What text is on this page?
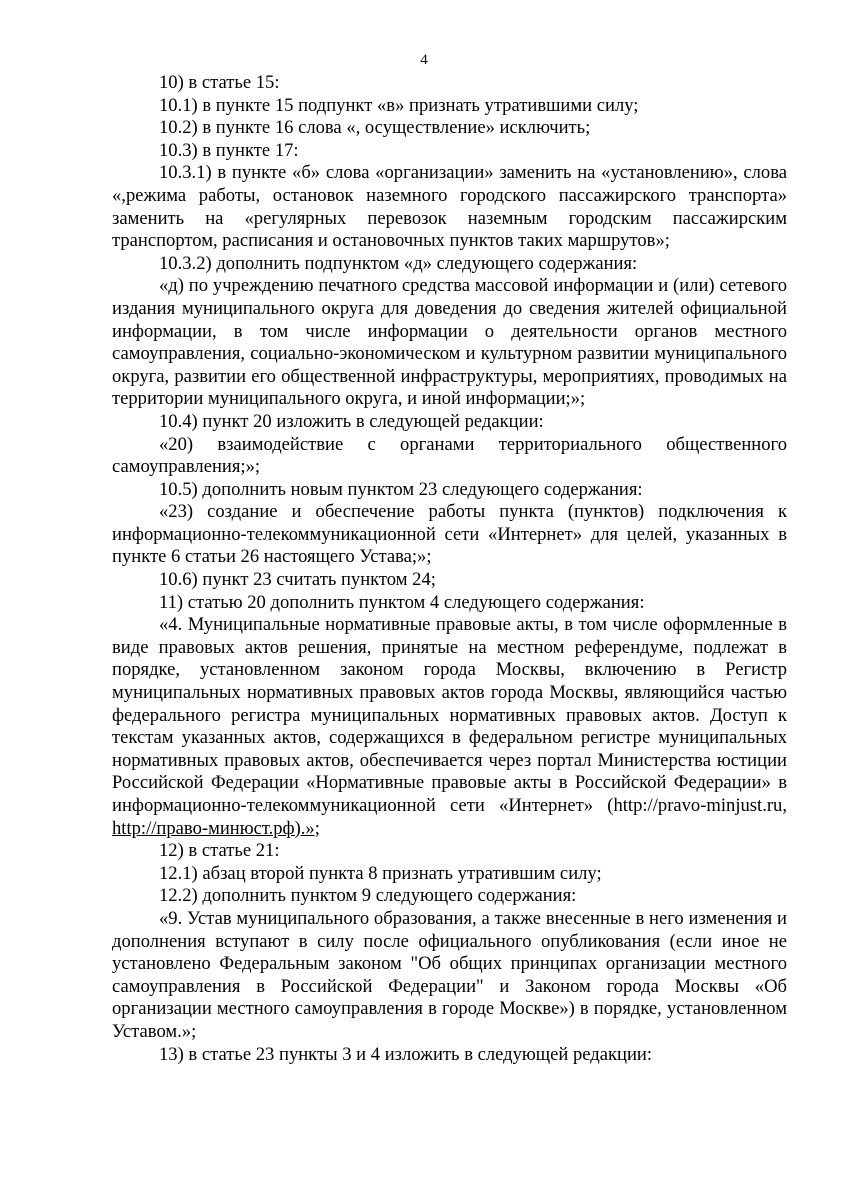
4

10) в статье 15:

10.1) в пункте 15 подпункт «в» признать утратившими силу;

10.2) в пункте 16 слова «, осуществление» исключить;

10.3) в пункте 17:

10.3.1) в пункте «б» слова «организации» заменить на «установлению», слова «,режима работы, остановок наземного городского пассажирского транспорта» заменить на «регулярных перевозок наземным городским пассажирским транспортом, расписания и остановочных пунктов таких маршрутов»;

10.3.2) дополнить подпунктом «д» следующего содержания:

«д) по учреждению печатного средства массовой информации и (или) сетевого издания муниципального округа для доведения до сведения жителей официальной информации, в том числе информации о деятельности органов местного самоуправления, социально-экономическом и культурном развитии муниципального округа, развитии его общественной инфраструктуры, мероприятиях, проводимых на территории муниципального округа, и иной информации;»;

10.4) пункт 20 изложить в следующей редакции:

«20) взаимодействие с органами территориального общественного самоуправления;»;

10.5) дополнить новым пунктом 23 следующего содержания:

«23) создание и обеспечение работы пункта (пунктов) подключения к информационно-телекоммуникационной сети «Интернет» для целей, указанных в пункте 6 статьи 26 настоящего Устава;»;

10.6) пункт 23 считать пунктом 24;

11) статью 20 дополнить пунктом 4 следующего содержания:

«4. Муниципальные нормативные правовые акты, в том числе оформленные в виде правовых актов решения, принятые на местном референдуме, подлежат в порядке, установленном законом города Москвы, включению в Регистр муниципальных нормативных правовых актов города Москвы, являющийся частью федерального регистра муниципальных нормативных правовых актов. Доступ к текстам указанных актов, содержащихся в федеральном регистре муниципальных нормативных правовых актов, обеспечивается через портал Министерства юстиции Российской Федерации «Нормативные правовые акты в Российской Федерации» в информационно-телекоммуникационной сети «Интернет» (http://pravo-minjust.ru, http://право-минюст.рф).»;

12) в статье 21:

12.1) абзац второй пункта 8 признать утратившим силу;

12.2) дополнить пунктом 9 следующего содержания:

«9. Устав муниципального образования, а также внесенные в него изменения и дополнения вступают в силу после официального опубликования (если иное не установлено Федеральным законом "Об общих принципах организации местного самоуправления в Российской Федерации" и Законом города Москвы «Об организации местного самоуправления в городе Москве») в порядке, установленном Уставом.»;

13) в статье 23 пункты 3 и 4 изложить в следующей редакции:
